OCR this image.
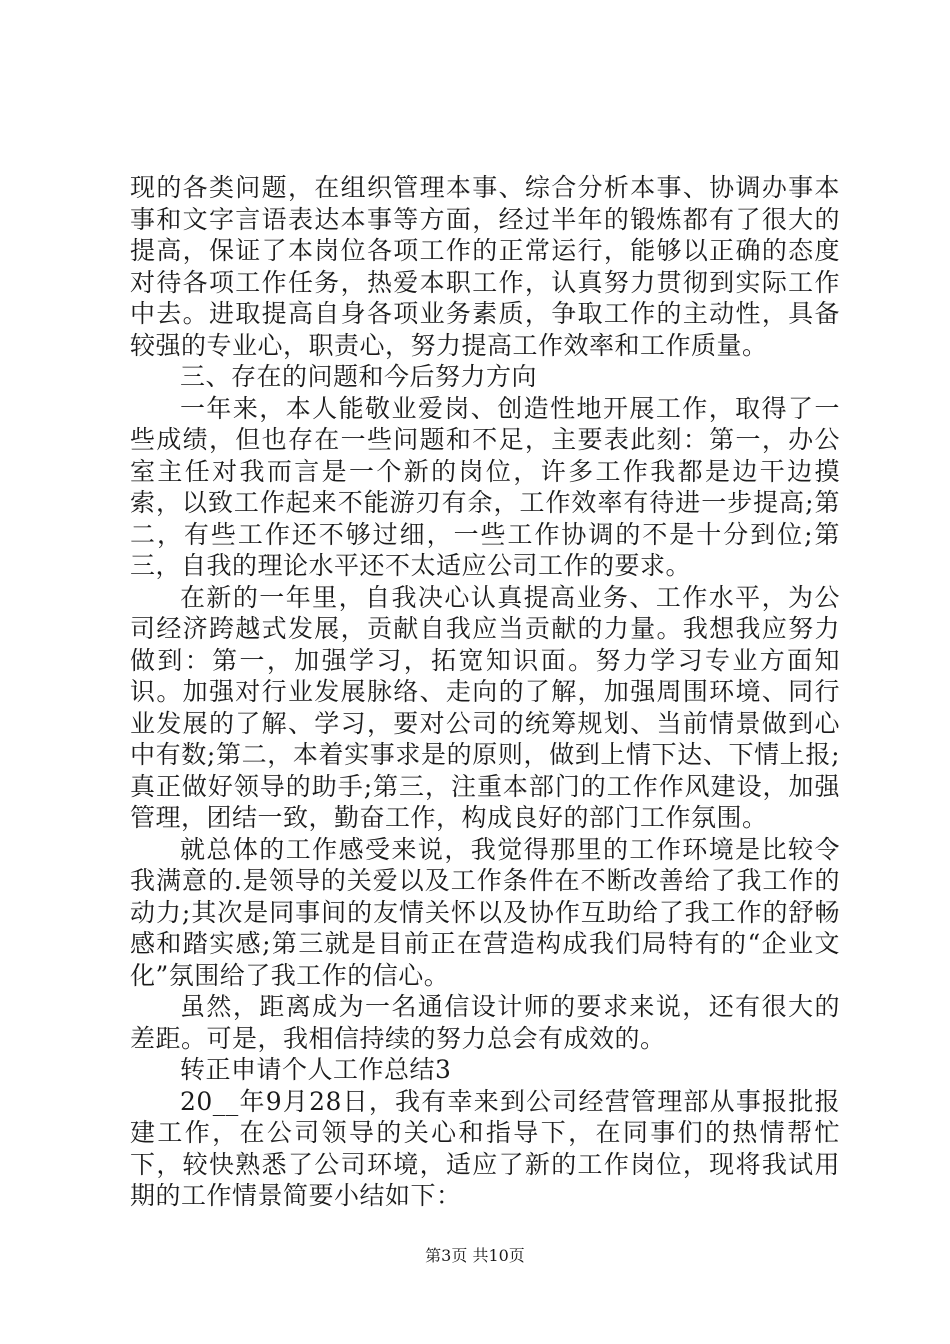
现的各类问题，在组织管理本事、综合分析本事、协调办事本事和文字言语表达本事等方面，经过半年的锻炼都有了很大的提高，保证了本岗位各项工作的正常运行，能够以正确的态度对待各项工作任务，热爱本职工作，认真努力贯彻到实际工作中去。进取提高自身各项业务素质，争取工作的主动性，具备较强的专业心，职责心，努力提高工作效率和工作质量。

三、存在的问题和今后努力方向

一年来，本人能敬业爱岗、创造性地开展工作，取得了一些成绩，但也存在一些问题和不足，主要表此刻：第一，办公室主任对我而言是一个新的岗位，许多工作我都是边干边摸索，以致工作起来不能游刃有余，工作效率有待进一步提高;第二，有些工作还不够过细，一些工作协调的不是十分到位;第三，自我的理论水平还不太适应公司工作的要求。

在新的一年里，自我决心认真提高业务、工作水平，为公司经济跨越式发展，贡献自我应当贡献的力量。我想我应努力做到：第一，加强学习，拓宽知识面。努力学习专业方面知识。加强对行业发展脉络、走向的了解，加强周围环境、同行业发展的了解、学习，要对公司的统筹规划、当前情景做到心中有数;第二，本着实事求是的原则，做到上情下达、下情上报;真正做好领导的助手;第三，注重本部门的工作作风建设，加强管理，团结一致，勤奋工作，构成良好的部门工作氛围。

就总体的工作感受来说，我觉得那里的工作环境是比较令我满意的.是领导的关爱以及工作条件在不断改善给了我工作的动力;其次是同事间的友情关怀以及协作互助给了我工作的舒畅感和踏实感;第三就是目前正在营造构成我们局特有的“企业文化”氛围给了我工作的信心。

虽然，距离成为一名通信设计师的要求来说，还有很大的差距。可是，我相信持续的努力总会有成效的。

转正申请个人工作总结3

20__年9月28日，我有幸来到公司经营管理部从事报批报建工作，在公司领导的关心和指导下，在同事们的热情帮忙下，较快熟悉了公司环境，适应了新的工作岗位，现将我试用期的工作情景简要小结如下：

第3页 共10页
